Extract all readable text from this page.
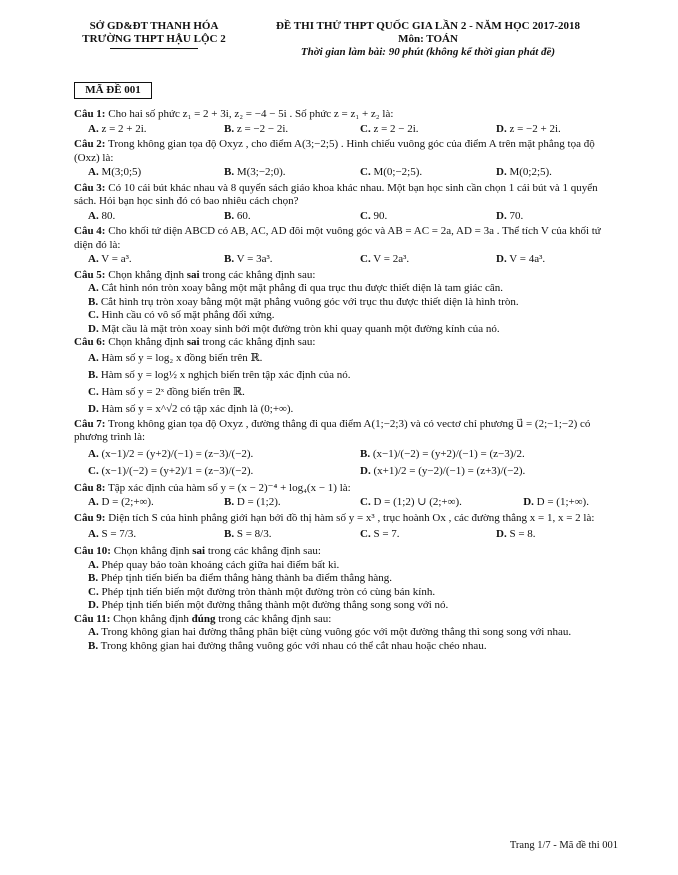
SỞ GD&ĐT THANH HÓA
TRƯỜNG THPT HẬU LỘC 2
ĐỀ THI THỬ THPT QUỐC GIA LẦN 2 - NĂM HỌC 2017-2018
Môn: TOÁN
Thời gian làm bài: 90 phút (không kể thời gian phát đề)
MÃ ĐỀ 001
Câu 1: Cho hai số phức z₁ = 2 + 3i, z₂ = −4 − 5i . Số phức z = z₁ + z₂ là:
A. z = 2 + 2i.	B. z = −2 − 2i.	C. z = 2 − 2i.	D. z = −2 + 2i.
Câu 2: Trong không gian tọa độ Oxyz , cho điểm A(3;−2;5) . Hình chiếu vuông góc của điểm A trên mặt phẳng tọa độ (Oxz) là:
A. M(3;0;5)	B. M(3;−2;0).	C. M(0;−2;5).	D. M(0;2;5).
Câu 3: Có 10 cái bút khác nhau và 8 quyển sách giáo khoa khác nhau. Một bạn học sinh cần chọn 1 cái bút và 1 quyển sách. Hỏi bạn học sinh đó có bao nhiêu cách chọn?
A. 80.	B. 60.	C. 90.	D. 70.
Câu 4: Cho khối tứ diện ABCD có AB, AC, AD đôi một vuông góc và AB = AC = 2a, AD = 3a . Thể tích V của khối tứ diện đó là:
A. V = a³.	B. V = 3a³.	C. V = 2a³.	D. V = 4a³.
Câu 5: Chọn khẳng định sai trong các khẳng định sau:
A. Cắt hình nón tròn xoay bằng một mặt phẳng đi qua trục thu được thiết diện là tam giác cân.
B. Cắt hình trụ tròn xoay bằng một mặt phẳng vuông góc với trục thu được thiết diện là hình tròn.
C. Hình cầu có vô số mặt phẳng đối xứng.
D. Mặt cầu là mặt tròn xoay sinh bởi một đường tròn khi quay quanh một đường kính của nó.
Câu 6: Chọn khẳng định sai trong các khẳng định sau:
A. Hàm số y = log₂ x đồng biến trên ℝ.
B. Hàm số y = log½ x nghịch biến trên tập xác định của nó.
C. Hàm số y = 2ˣ đồng biến trên ℝ.
D. Hàm số y = x^√2 có tập xác định là (0;+∞).
Câu 7: Trong không gian tọa độ Oxyz , đường thẳng đi qua điểm A(1;−2;3) và có vectơ chỉ phương u⃗ = (2;−1;−2) có phương trình là:
A. (x−1)/2 = (y+2)/(−1) = (z−3)/(−2).	B. (x−1)/(−2) = (y+2)/(−1) = (z−3)/2.
C. (x−1)/(−2) = (y+2)/1 = (z−3)/(−2).	D. (x+1)/2 = (y−2)/(−1) = (z+3)/(−2).
Câu 8: Tập xác định của hàm số y = (x − 2)⁻⁴ + log₄(x − 1) là:
A. D = (2;+∞).	B. D = (1;2).	C. D = (1;2) ∪ (2;+∞).	D. D = (1;+∞).
Câu 9: Diện tích S của hình phẳng giới hạn bởi đồ thị hàm số y = x³ , trục hoành Ox , các đường thẳng x = 1, x = 2 là:
A. S = 7/3.	B. S = 8/3.	C. S = 7.	D. S = 8.
Câu 10: Chọn khẳng định sai trong các khẳng định sau:
A. Phép quay bảo toàn khoảng cách giữa hai điểm bất kì.
B. Phép tịnh tiến biến ba điểm thẳng hàng thành ba điểm thẳng hàng.
C. Phép tịnh tiến biến một đường tròn thành một đường tròn có cùng bán kính.
D. Phép tịnh tiến biến một đường thẳng thành một đường thẳng song song với nó.
Câu 11: Chọn khẳng định đúng trong các khẳng định sau:
A. Trong không gian hai đường thẳng phân biệt cùng vuông góc với một đường thẳng thì song song với nhau.
B. Trong không gian hai đường thẳng vuông góc với nhau có thể cắt nhau hoặc chéo nhau.
Trang 1/7 - Mã đề thi 001
